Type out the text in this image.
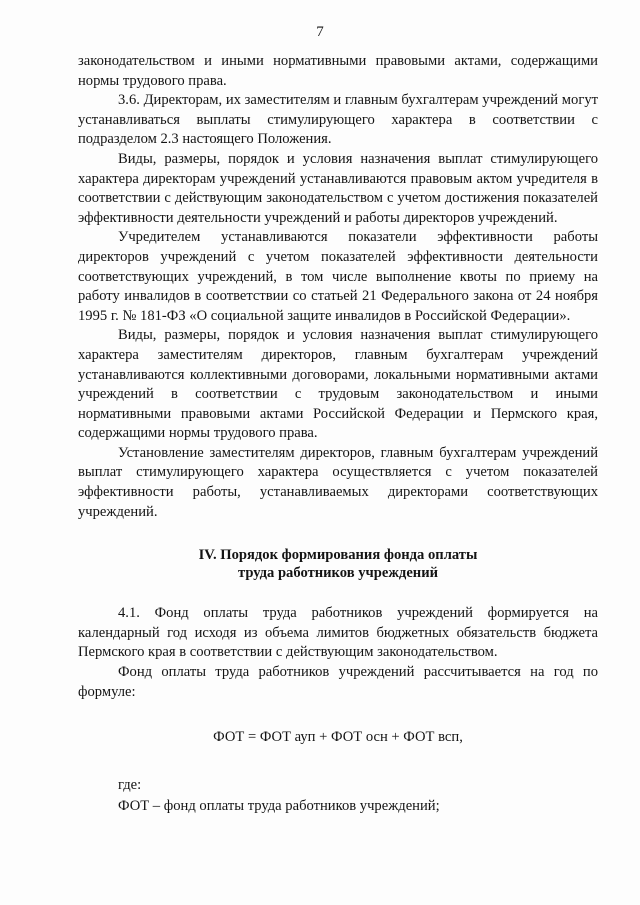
7

законодательством и иными нормативными правовыми актами, содержащими нормы трудового права.

3.6. Директорам, их заместителям и главным бухгалтерам учреждений могут устанавливаться выплаты стимулирующего характера в соответствии с подразделом 2.3 настоящего Положения.

Виды, размеры, порядок и условия назначения выплат стимулирующего характера директорам учреждений устанавливаются правовым актом учредителя в соответствии с действующим законодательством с учетом достижения показателей эффективности деятельности учреждений и работы директоров учреждений.

Учредителем устанавливаются показатели эффективности работы директоров учреждений с учетом показателей эффективности деятельности соответствующих учреждений, в том числе выполнение квоты по приему на работу инвалидов в соответствии со статьей 21 Федерального закона от 24 ноября 1995 г. № 181-ФЗ «О социальной защите инвалидов в Российской Федерации».

Виды, размеры, порядок и условия назначения выплат стимулирующего характера заместителям директоров, главным бухгалтерам учреждений устанавливаются коллективными договорами, локальными нормативными актами учреждений в соответствии с трудовым законодательством и иными нормативными правовыми актами Российской Федерации и Пермского края, содержащими нормы трудового права.

Установление заместителям директоров, главным бухгалтерам учреждений выплат стимулирующего характера осуществляется с учетом показателей эффективности работы, устанавливаемых директорами соответствующих учреждений.

IV. Порядок формирования фонда оплаты
труда работников учреждений

4.1. Фонд оплаты труда работников учреждений формируется на календарный год исходя из объема лимитов бюджетных обязательств бюджета Пермского края в соответствии с действующим законодательством.

Фонд оплаты труда работников учреждений рассчитывается на год по формуле:

ФОТ = ФОТ ауп + ФОТ осн + ФОТ всп,

где:

ФОТ – фонд оплаты труда работников учреждений;
